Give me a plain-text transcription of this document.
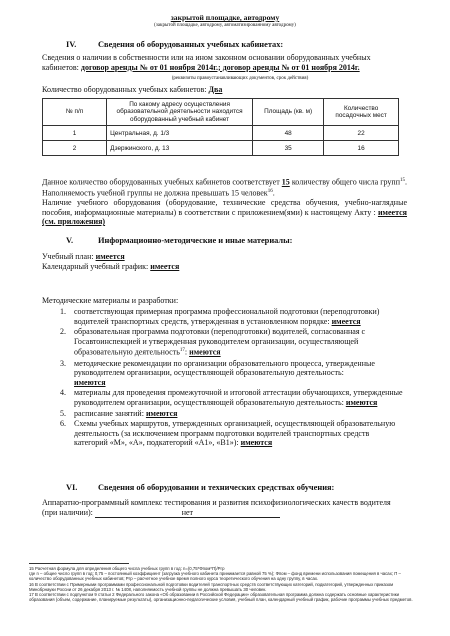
закрытой площадке, автодрому
(закрытой площадке, автодрому, автоматизированному автодрому)
IV.	Сведения об оборудованных учебных кабинетах:
Сведения о наличии в собственности или на ином законном основании оборудованных учебных кабинетов: договор аренды № от 01 ноября 2014г.; договор аренды № от 01 ноября 2014г.
(реквизиты правоустанавливающих документов, срок действия)
Количество оборудованных учебных кабинетов: Два
№ п/п	По какому адресу осуществления образовательной деятельности находится оборудованный учебный кабинет	Площадь (кв. м)	Количество посадочных мест
1	Центральная, д. 1/3	48	22
2	Дзержинского, д. 13	35	16
Данное количество оборудованных учебных кабинетов соответствует 15 количеству общего числа групп$^{15}$. Наполняемость учебной группы не должна превышать 15 человек$^{16}$.
Наличие учебного оборудования (оборудование, технические средства обучения, учебно-наглядные пособия, информационные материалы) в соответствии с приложением(ями) к настоящему Акту : имеется (см. приложения)
V.	Информационно-методические и иные материалы:
Учебный план: имеется
Календарный учебный график: имеется
Методические материалы и разработки:
1. соответствующая примерная программа профессиональной подготовки (переподготовки) водителей транспортных средств, утвержденная в установленном порядке: имеется
2. образовательная программа подготовки (переподготовки) водителей, согласованная с Госавтоинспекцией и утвержденная руководителем организации, осуществляющей образовательную деятельность$^{17}$: имеются
3. методические рекомендации по организации образовательного процесса, утвержденные руководителем организации, осуществляющей образовательную деятельность:
имеются
4. материалы для проведения промежуточной и итоговой аттестации обучающихся, утвержденные руководителем организации, осуществляющей образовательную деятельность: имеются
5. расписание занятий: имеются
6. Схемы учебных маршрутов, утвержденных организацией, осуществляющей образовательную деятельность (за исключением программ подготовки водителей транспортных средств категорий «М», «А», подкатегорий «А1», «В1»): имеются
VI. Сведения об оборудовании и технических средствах обучения:
Аппаратно-программный комплекс тестирования и развития психофизиологических качеств водителя (при наличии):	нет
15 Расчетная формула для определения общего числа учебных групп в год: n=(0,75*Фпом*П)/Ргр
где n – общее число групп в год; 0,75 – постоянный коэффициент (загрузка учебного кабинета принимается равной 75 %); Фпом – фонд времени использования помещения в часах; П – количество оборудованных учебных кабинетов; Ргр – расчетное учебное время полного курса теоретического обучения на одну группу, в часах.
16 В соответствии с Примерными программами профессиональной подготовки водителей транспортных средств соответствующих категорий, подкатегорий, утвержденных приказом Минобрнауки России от 26 декабря 2013 г. № 1408, наполняемость учебной группы не должна превышать 30 человек.
17 В соответствии с подпунктом 9 статьи 2 Федерального закона «Об образовании в Российской Федерации» образовательная программа должна содержать основные характеристики образования (объем, содержание, планируемые результаты), организационно-педагогические условия, учебный план, календарный учебный график, рабочие программы учебных предметов.
